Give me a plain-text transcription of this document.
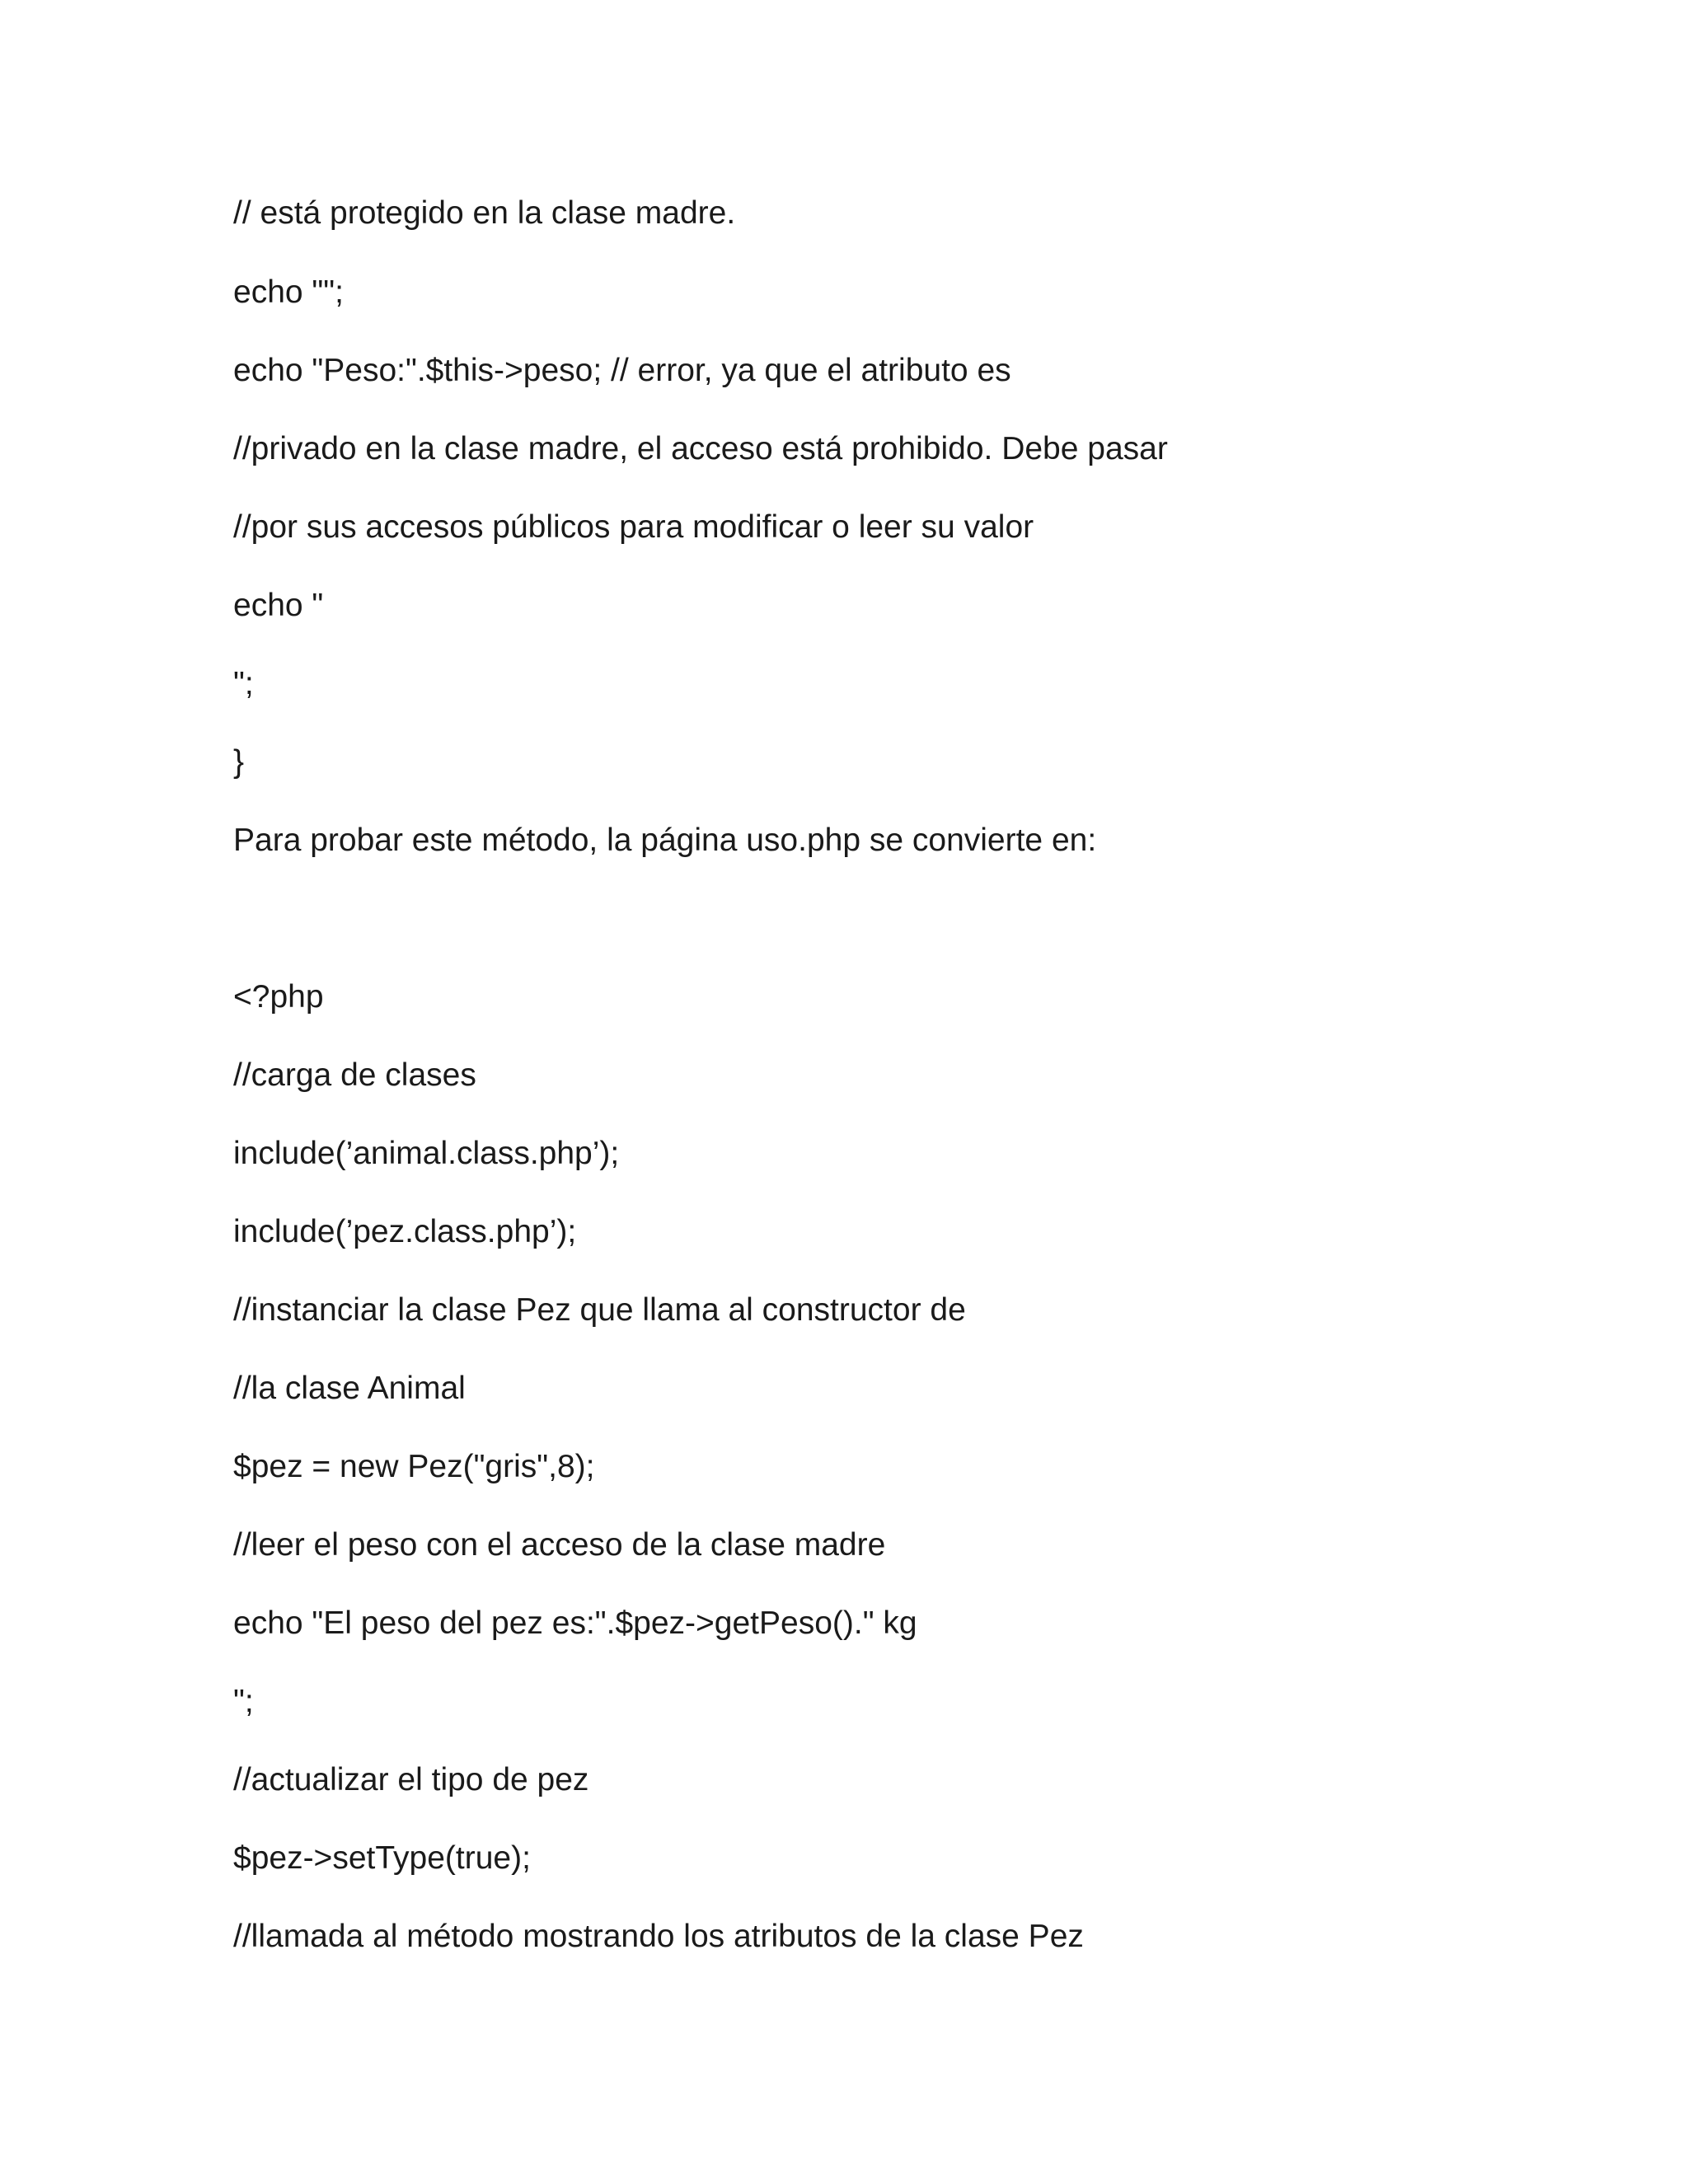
// está protegido en la clase madre.
echo "";
echo "Peso:".$this->peso; // error, ya que el atributo es
//privado en la clase madre, el acceso está prohibido. Debe pasar
//por sus accesos públicos para modificar o leer su valor
echo "
";
}
Para probar este método, la página uso.php se convierte en:
<?php
//carga de clases
include(’animal.class.php’);
include(’pez.class.php’);
//instanciar la clase Pez que llama al constructor de
//la clase Animal
$pez = new Pez("gris",8);
//leer el peso con el acceso de la clase madre
echo "El peso del pez es:".$pez->getPeso()." kg
";
//actualizar el tipo de pez
$pez->setType(true);
//llamada al método mostrando los atributos de la clase Pez
